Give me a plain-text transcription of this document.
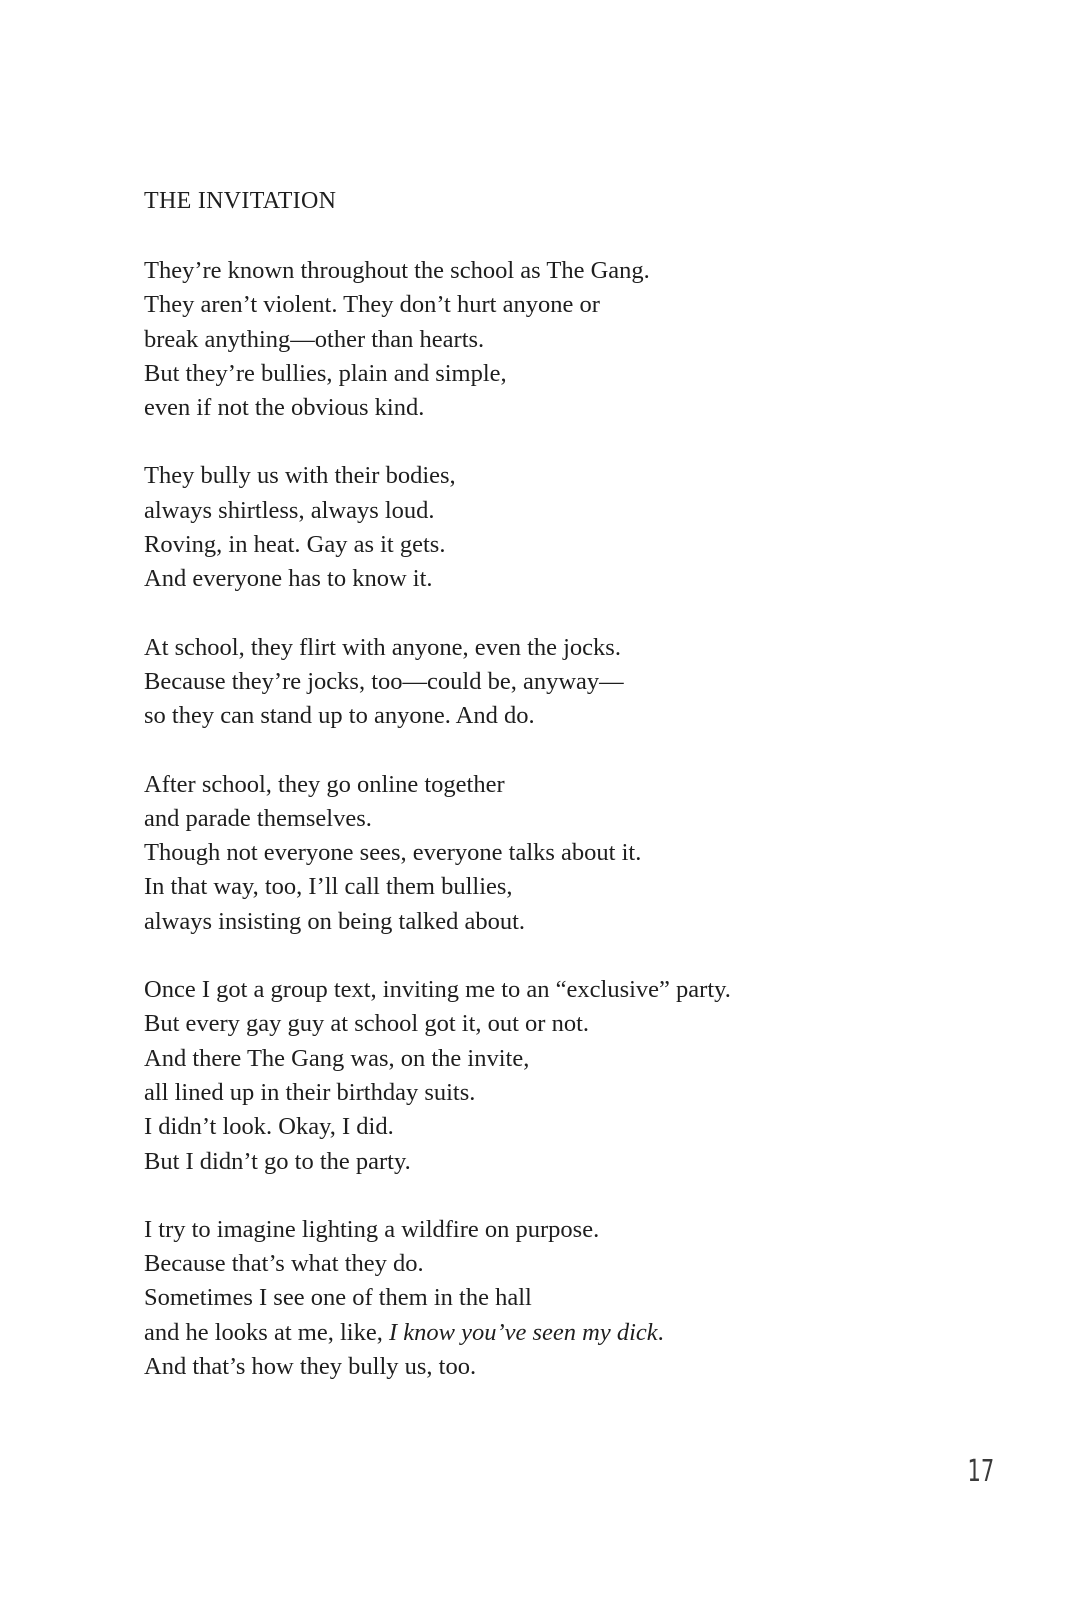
THE INVITATION
They’re known throughout the school as The Gang.
They aren’t violent. They don’t hurt anyone or
break anything—other than hearts.
But they’re bullies, plain and simple,
even if not the obvious kind.
They bully us with their bodies,
always shirtless, always loud.
Roving, in heat. Gay as it gets.
And everyone has to know it.
At school, they flirt with anyone, even the jocks.
Because they’re jocks, too—could be, anyway—
so they can stand up to anyone. And do.
After school, they go online together
and parade themselves.
Though not everyone sees, everyone talks about it.
In that way, too, I’ll call them bullies,
always insisting on being talked about.
Once I got a group text, inviting me to an “exclusive” party.
But every gay guy at school got it, out or not.
And there The Gang was, on the invite,
all lined up in their birthday suits.
I didn’t look. Okay, I did.
But I didn’t go to the party.
I try to imagine lighting a wildfire on purpose.
Because that’s what they do.
Sometimes I see one of them in the hall
and he looks at me, like, I know you’ve seen my dick.
And that’s how they bully us, too.
17
